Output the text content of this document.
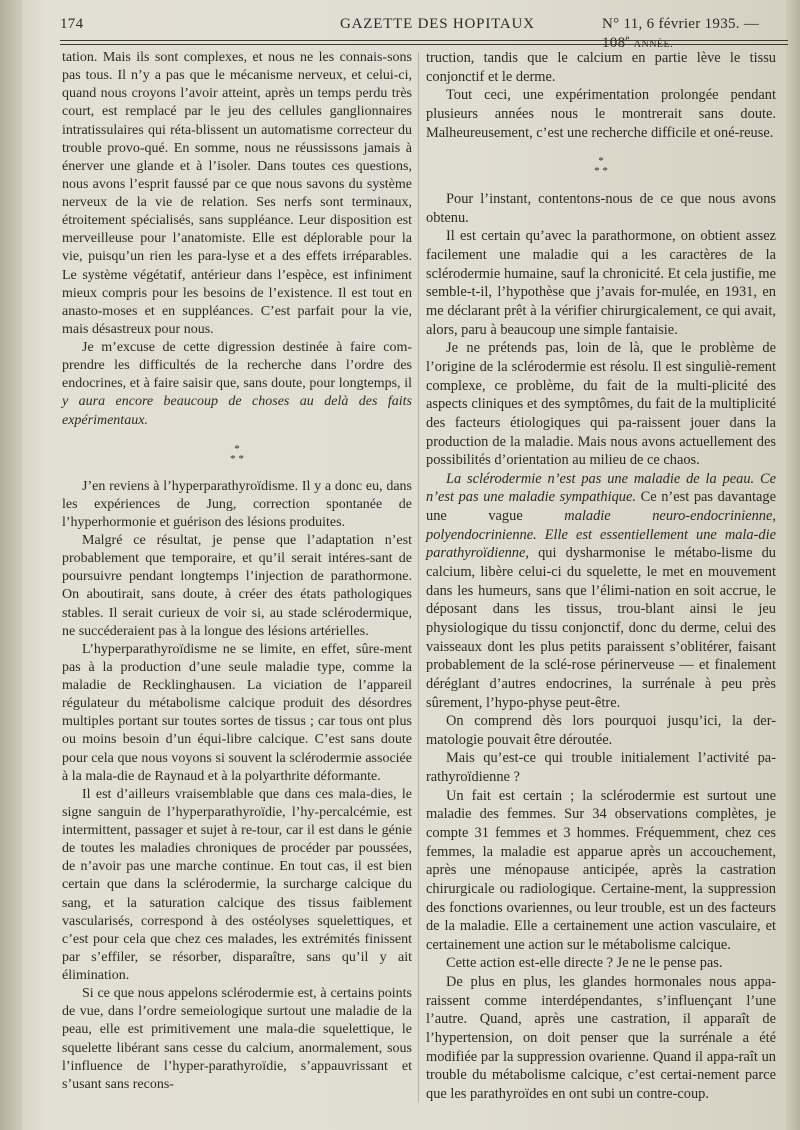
174	GAZETTE DES HOPITAUX	N° 11, 6 février 1935. — 108e ANNÉE.

tation. Mais ils sont complexes, et nous ne les connais-sons pas tous. Il n’y a pas que le mécanisme nerveux, et celui-ci, quand nous croyons l’avoir atteint, après un temps perdu très court, est remplacé par le jeu des cellules ganglionnaires intratissulaires qui réta-blissent un automatisme correcteur du trouble provo-qué. En somme, nous ne réussissons jamais à énerver une glande et à l’isoler. Dans toutes ces questions, nous avons l’esprit faussé par ce que nous savons du système nerveux de la vie de relation. Ses nerfs sont terminaux, étroitement spécialisés, sans suppléance. Leur disposition est merveilleuse pour l’anatomiste. Elle est déplorable pour la vie, puisqu’un rien les para-lyse et a des effets irréparables. Le système végétatif, antérieur dans l’espèce, est infiniment mieux compris pour les besoins de l’existence. Il est tout en anasto-moses et en suppléances. C’est parfait pour la vie, mais désastreux pour nous.

Je m’excuse de cette digression destinée à faire com-prendre les difficultés de la recherche dans l’ordre des endocrines, et à faire saisir que, sans doute, pour longtemps, il y aura encore beaucoup de choses au delà des faits expérimentaux.

*
* *

J’en reviens à l’hyperparathyroïdisme. Il y a donc eu, dans les expériences de Jung, correction spontanée de l’hyperhormonie et guérison des lésions produites.

Malgré ce résultat, je pense que l’adaptation n’est probablement que temporaire, et qu’il serait intéres-sant de poursuivre pendant longtemps l’injection de parathormone. On aboutirait, sans doute, à créer des états pathologiques stables. Il serait curieux de voir si, au stade sclérodermique, ne succéderaient pas à la longue des lésions artérielles.

L’hyperparathyroïdisme ne se limite, en effet, sûre-ment pas à la production d’une seule maladie type, comme la maladie de Recklinghausen. La viciation de l’appareil régulateur du métabolisme calcique produit des désordres multiples portant sur toutes sortes de tissus ; car tous ont plus ou moins besoin d’un équi-libre calcique. C’est sans doute pour cela que nous voyons si souvent la sclérodermie associée à la mala-die de Raynaud et à la polyarthrite déformante.

Il est d’ailleurs vraisemblable que dans ces mala-dies, le signe sanguin de l’hyperparathyroïdie, l’hy-percalcémie, est intermittent, passager et sujet à re-tour, car il est dans le génie de toutes les maladies chroniques de procéder par poussées, de n’avoir pas une marche continue. En tout cas, il est bien certain que dans la sclérodermie, la surcharge calcique du sang, et la saturation calcique des tissus faiblement vascularisés, correspond à des ostéolyses squelettiques, et c’est pour cela que chez ces malades, les extrémités finissent par s’effiler, se résorber, disparaître, sans qu’il y ait élimination.

Si ce que nous appelons sclérodermie est, à certains points de vue, dans l’ordre semeiologique surtout une maladie de la peau, elle est primitivement une mala-die squelettique, le squelette libérant sans cesse du calcium, anormalement, sous l’influence de l’hyper-parathyroïdie, s’appauvrissant et s’usant sans recons-

truction, tandis que le calcium en partie lève le tissu conjonctif et le derme.

Tout ceci, une expérimentation prolongée pendant plusieurs années nous le montrerait sans doute. Malheureusement, c’est une recherche difficile et oné-reuse.

*
* *

Pour l’instant, contentons-nous de ce que nous avons obtenu.

Il est certain qu’avec la parathormone, on obtient assez facilement une maladie qui a les caractères de la sclérodermie humaine, sauf la chronicité. Et cela justifie, me semble-t-il, l’hypothèse que j’avais for-mulée, en 1931, en me déclarant prêt à la vérifier chirurgicalement, ce qui avait, alors, paru à beaucoup une simple fantaisie.

Je ne prétends pas, loin de là, que le problème de l’origine de la sclérodermie est résolu. Il est singuliè-rement complexe, ce problème, du fait de la multi-plicité des aspects cliniques et des symptômes, du fait de la multiplicité des facteurs étiologiques qui pa-raissent jouer dans la production de la maladie. Mais nous avons actuellement des possibilités d’orientation au milieu de ce chaos.

La sclérodermie n’est pas une maladie de la peau. Ce n’est pas une maladie sympathique. Ce n’est pas davantage une vague maladie neuro-endocrinienne, polyendocrinienne. Elle est essentiellement une mala-die parathyroïdienne, qui dysharmonise le métabo-lisme du calcium, libère celui-ci du squelette, le met en mouvement dans les humeurs, sans que l’élimi-nation en soit accrue, le déposant dans les tissus, trou-blant ainsi le jeu physiologique du tissu conjonctif, donc du derme, celui des vaisseaux dont les plus petits paraissent s’oblitérer, faisant probablement de la sclé-rose périnerveuse — et finalement déréglant d’autres endocrines, la surrénale à peu près sûrement, l’hypo-physe peut-être.

On comprend dès lors pourquoi jusqu’ici, la der-matologie pouvait être déroutée.

Mais qu’est-ce qui trouble initialement l’activité pa-rathyroïdienne ?

Un fait est certain ; la sclérodermie est surtout une maladie des femmes. Sur 34 observations complètes, je compte 31 femmes et 3 hommes. Fréquemment, chez ces femmes, la maladie est apparue après un accouchement, après une ménopause anticipée, après la castration chirurgicale ou radiologique. Certaine-ment, la suppression des fonctions ovariennes, ou leur trouble, est un des facteurs de la maladie. Elle a certainement une action vasculaire, et certainement une action sur le métabolisme calcique.

Cette action est-elle directe ? Je ne le pense pas.

De plus en plus, les glandes hormonales nous appa-raissent comme interdépendantes, s’influençant l’une l’autre. Quand, après une castration, il apparaît de l’hypertension, on doit penser que la surrénale a été modifiée par la suppression ovarienne. Quand il appa-raît un trouble du métabolisme calcique, c’est certai-nement parce que les parathyroïdes en ont subi un contre-coup.
